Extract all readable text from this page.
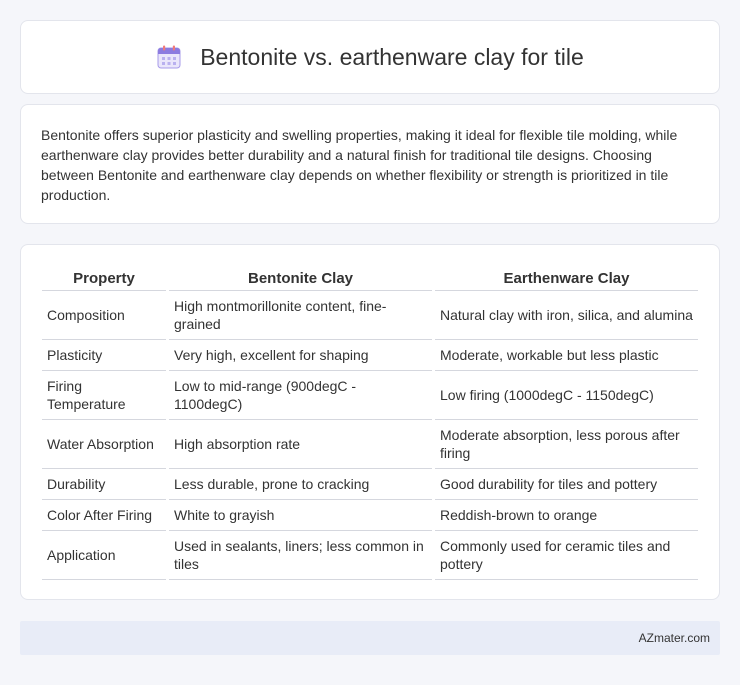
Bentonite vs. earthenware clay for tile

Bentonite offers superior plasticity and swelling properties, making it ideal for flexible tile molding, while earthenware clay provides better durability and a natural finish for traditional tile designs. Choosing between Bentonite and earthenware clay depends on whether flexibility or strength is prioritized in tile production.

Property	Bentonite Clay	Earthenware Clay
Composition	High montmorillonite content, fine-grained	Natural clay with iron, silica, and alumina
Plasticity	Very high, excellent for shaping	Moderate, workable but less plastic
Firing Temperature	Low to mid-range (900degC - 1100degC)	Low firing (1000degC - 1150degC)
Water Absorption	High absorption rate	Moderate absorption, less porous after firing
Durability	Less durable, prone to cracking	Good durability for tiles and pottery
Color After Firing	White to grayish	Reddish-brown to orange
Application	Used in sealants, liners; less common in tiles	Commonly used for ceramic tiles and pottery
AZmater.com
